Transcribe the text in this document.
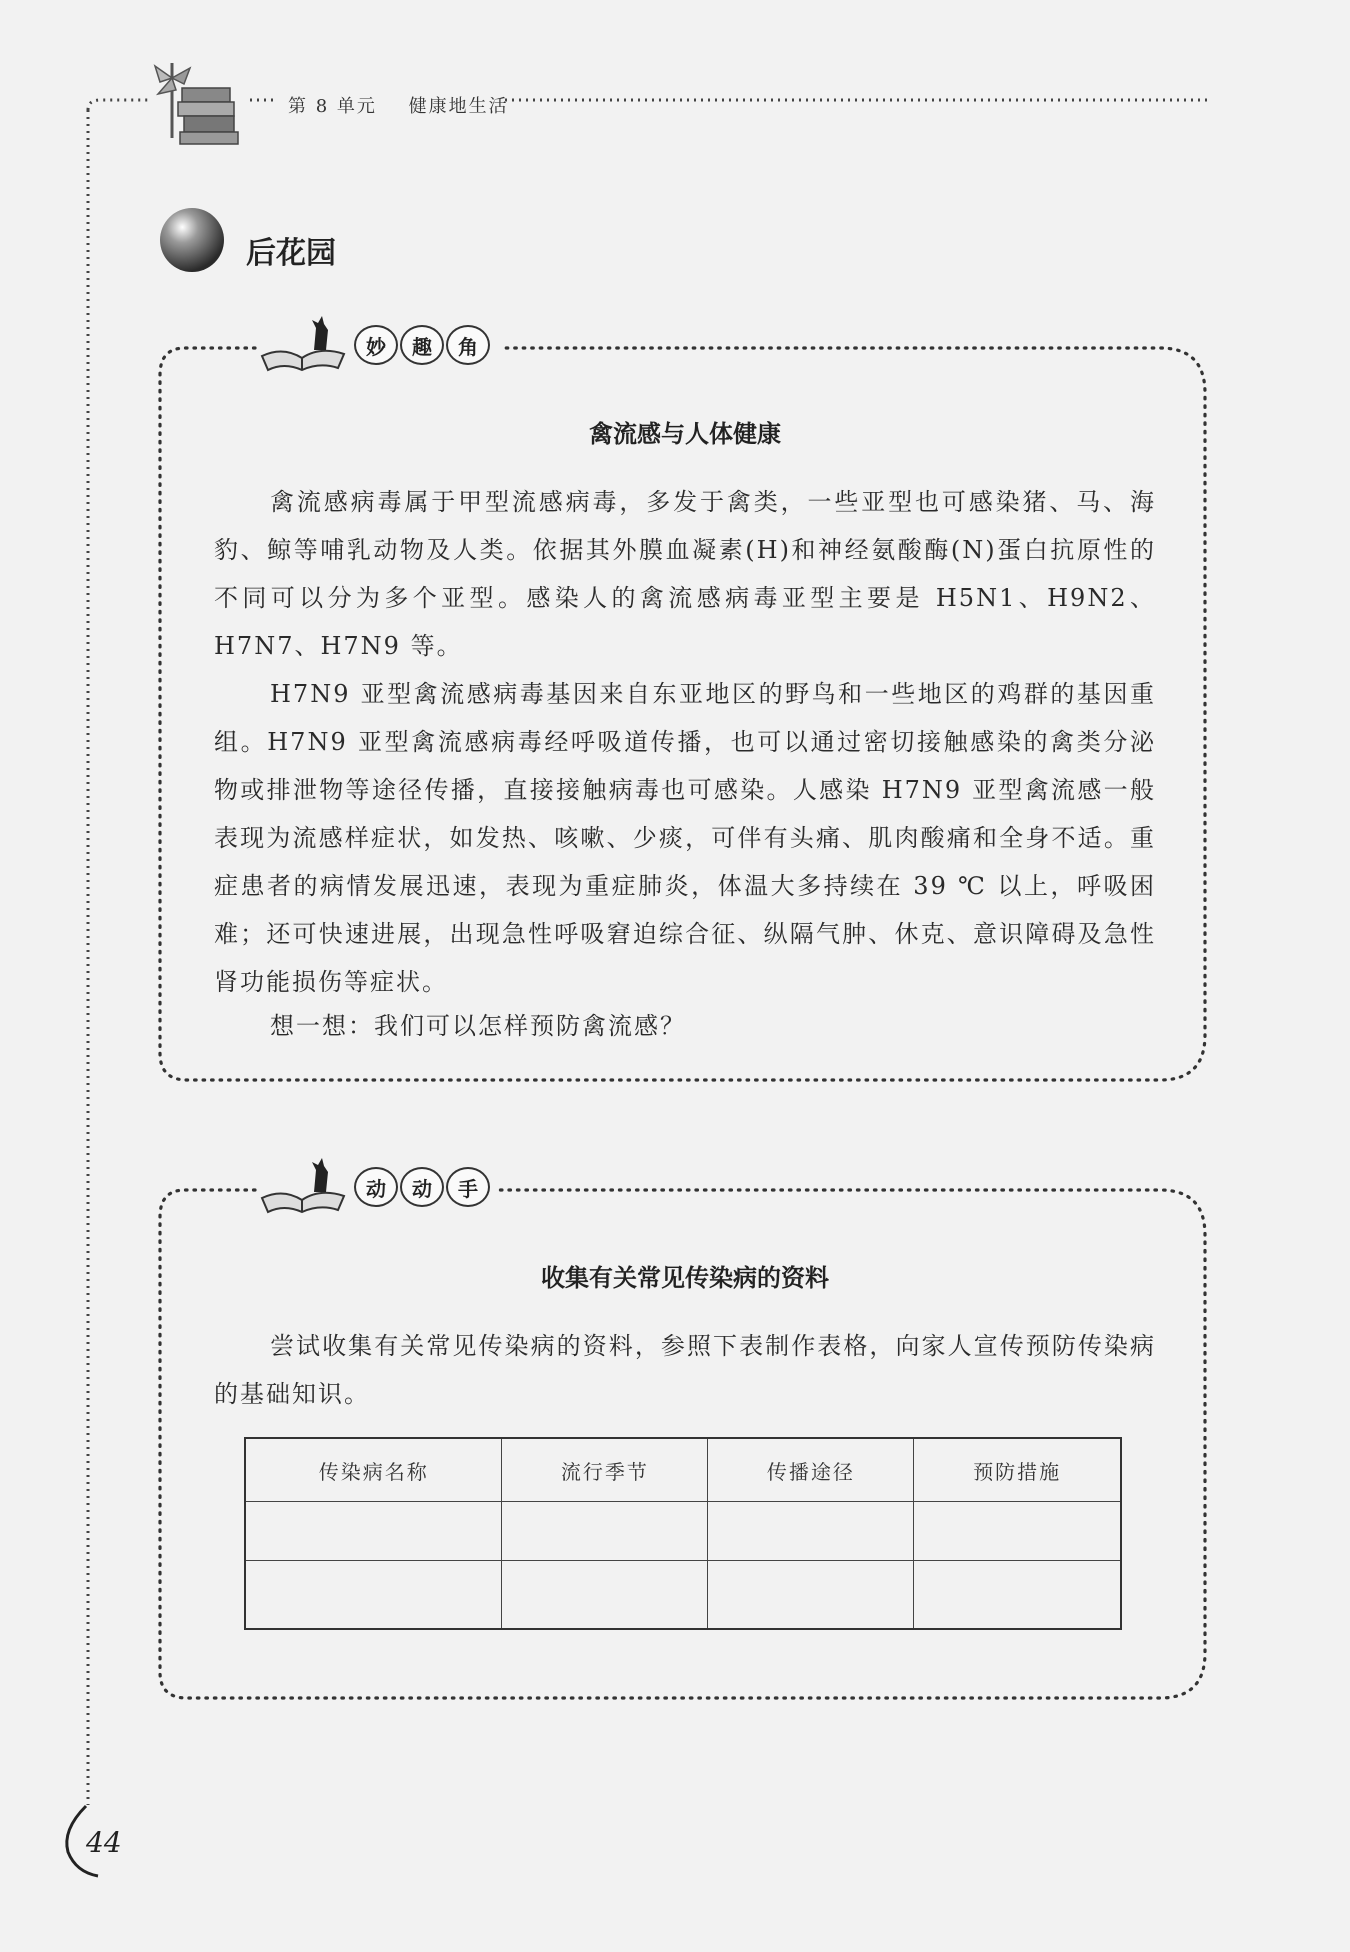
第 8 单元 健康地生活
后花园
妙	趣	角
禽流感与人体健康
禽流感病毒属于甲型流感病毒，多发于禽类，一些亚型也可感染猪、马、海豹、鲸等哺乳动物及人类。依据其外膜血凝素(H)和神经氨酸酶(N)蛋白抗原性的不同可以分为多个亚型。感染人的禽流感病毒亚型主要是 H5N1、H9N2、H7N7、H7N9 等。
H7N9 亚型禽流感病毒基因来自东亚地区的野鸟和一些地区的鸡群的基因重组。H7N9 亚型禽流感病毒经呼吸道传播，也可以通过密切接触感染的禽类分泌物或排泄物等途径传播，直接接触病毒也可感染。人感染 H7N9 亚型禽流感一般表现为流感样症状，如发热、咳嗽、少痰，可伴有头痛、肌肉酸痛和全身不适。重症患者的病情发展迅速，表现为重症肺炎，体温大多持续在 39 ℃ 以上，呼吸困难；还可快速进展，出现急性呼吸窘迫综合征、纵隔气肿、休克、意识障碍及急性肾功能损伤等症状。
想一想：我们可以怎样预防禽流感？
动	动	手
收集有关常见传染病的资料
尝试收集有关常见传染病的资料，参照下表制作表格，向家人宣传预防传染病的基础知识。
传染病名称	流行季节	传播途径	预防措施

44
